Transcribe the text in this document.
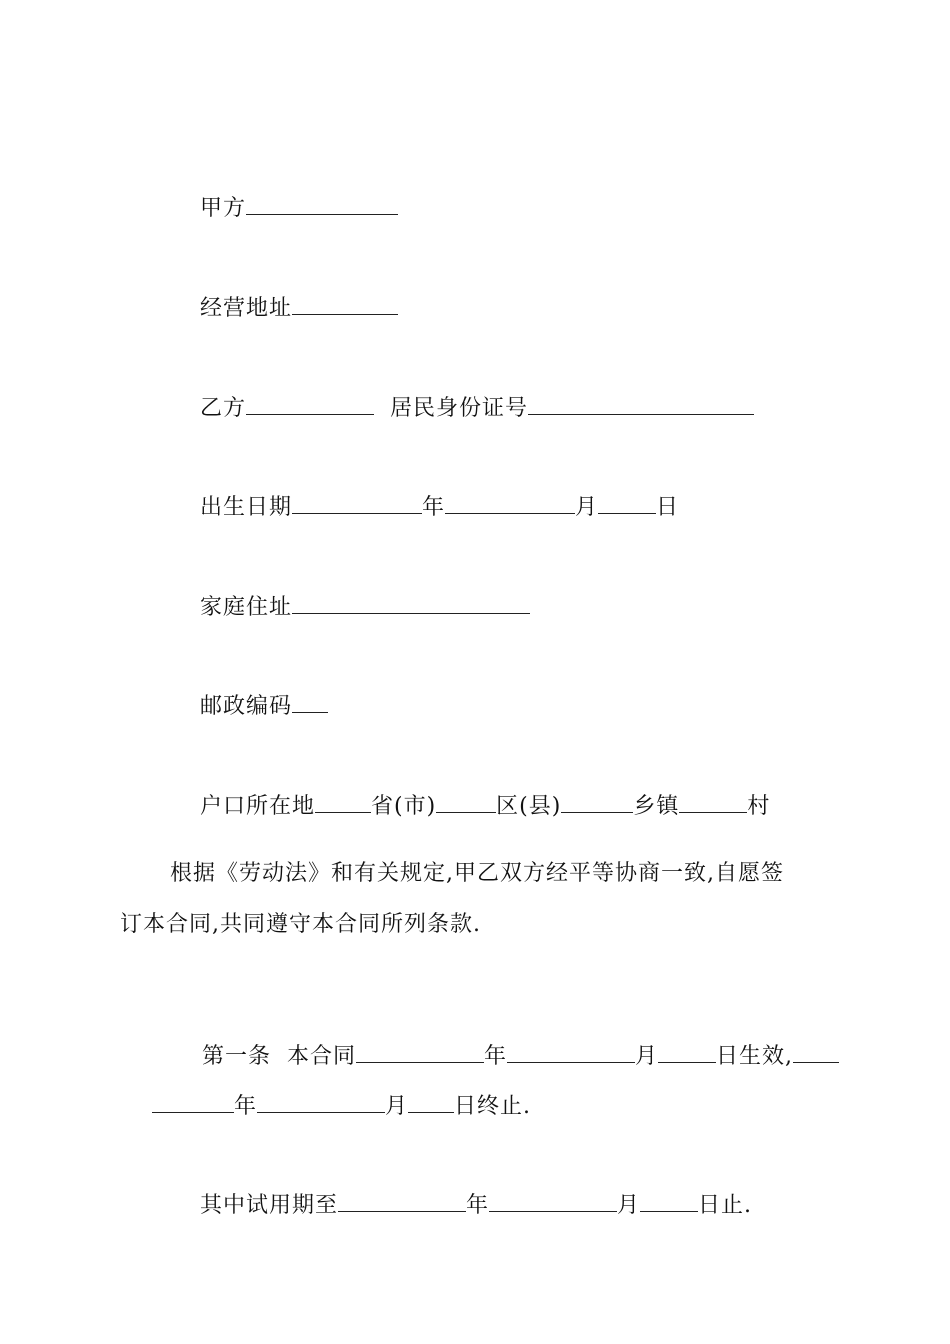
甲方

经营地址

乙方	居民身份证号

出生日期	年	月	日

家庭住址

邮政编码

户口所在地	省(市)	区(县)	乡镇	村

根据《劳动法》和有关规定,甲乙双方经平等协商一致,自愿签
订本合同,共同遵守本合同所列条款.

第一条  本合同	年	月	日生效,

年	月 日终止.

其中试用期至	年	月	日止.
